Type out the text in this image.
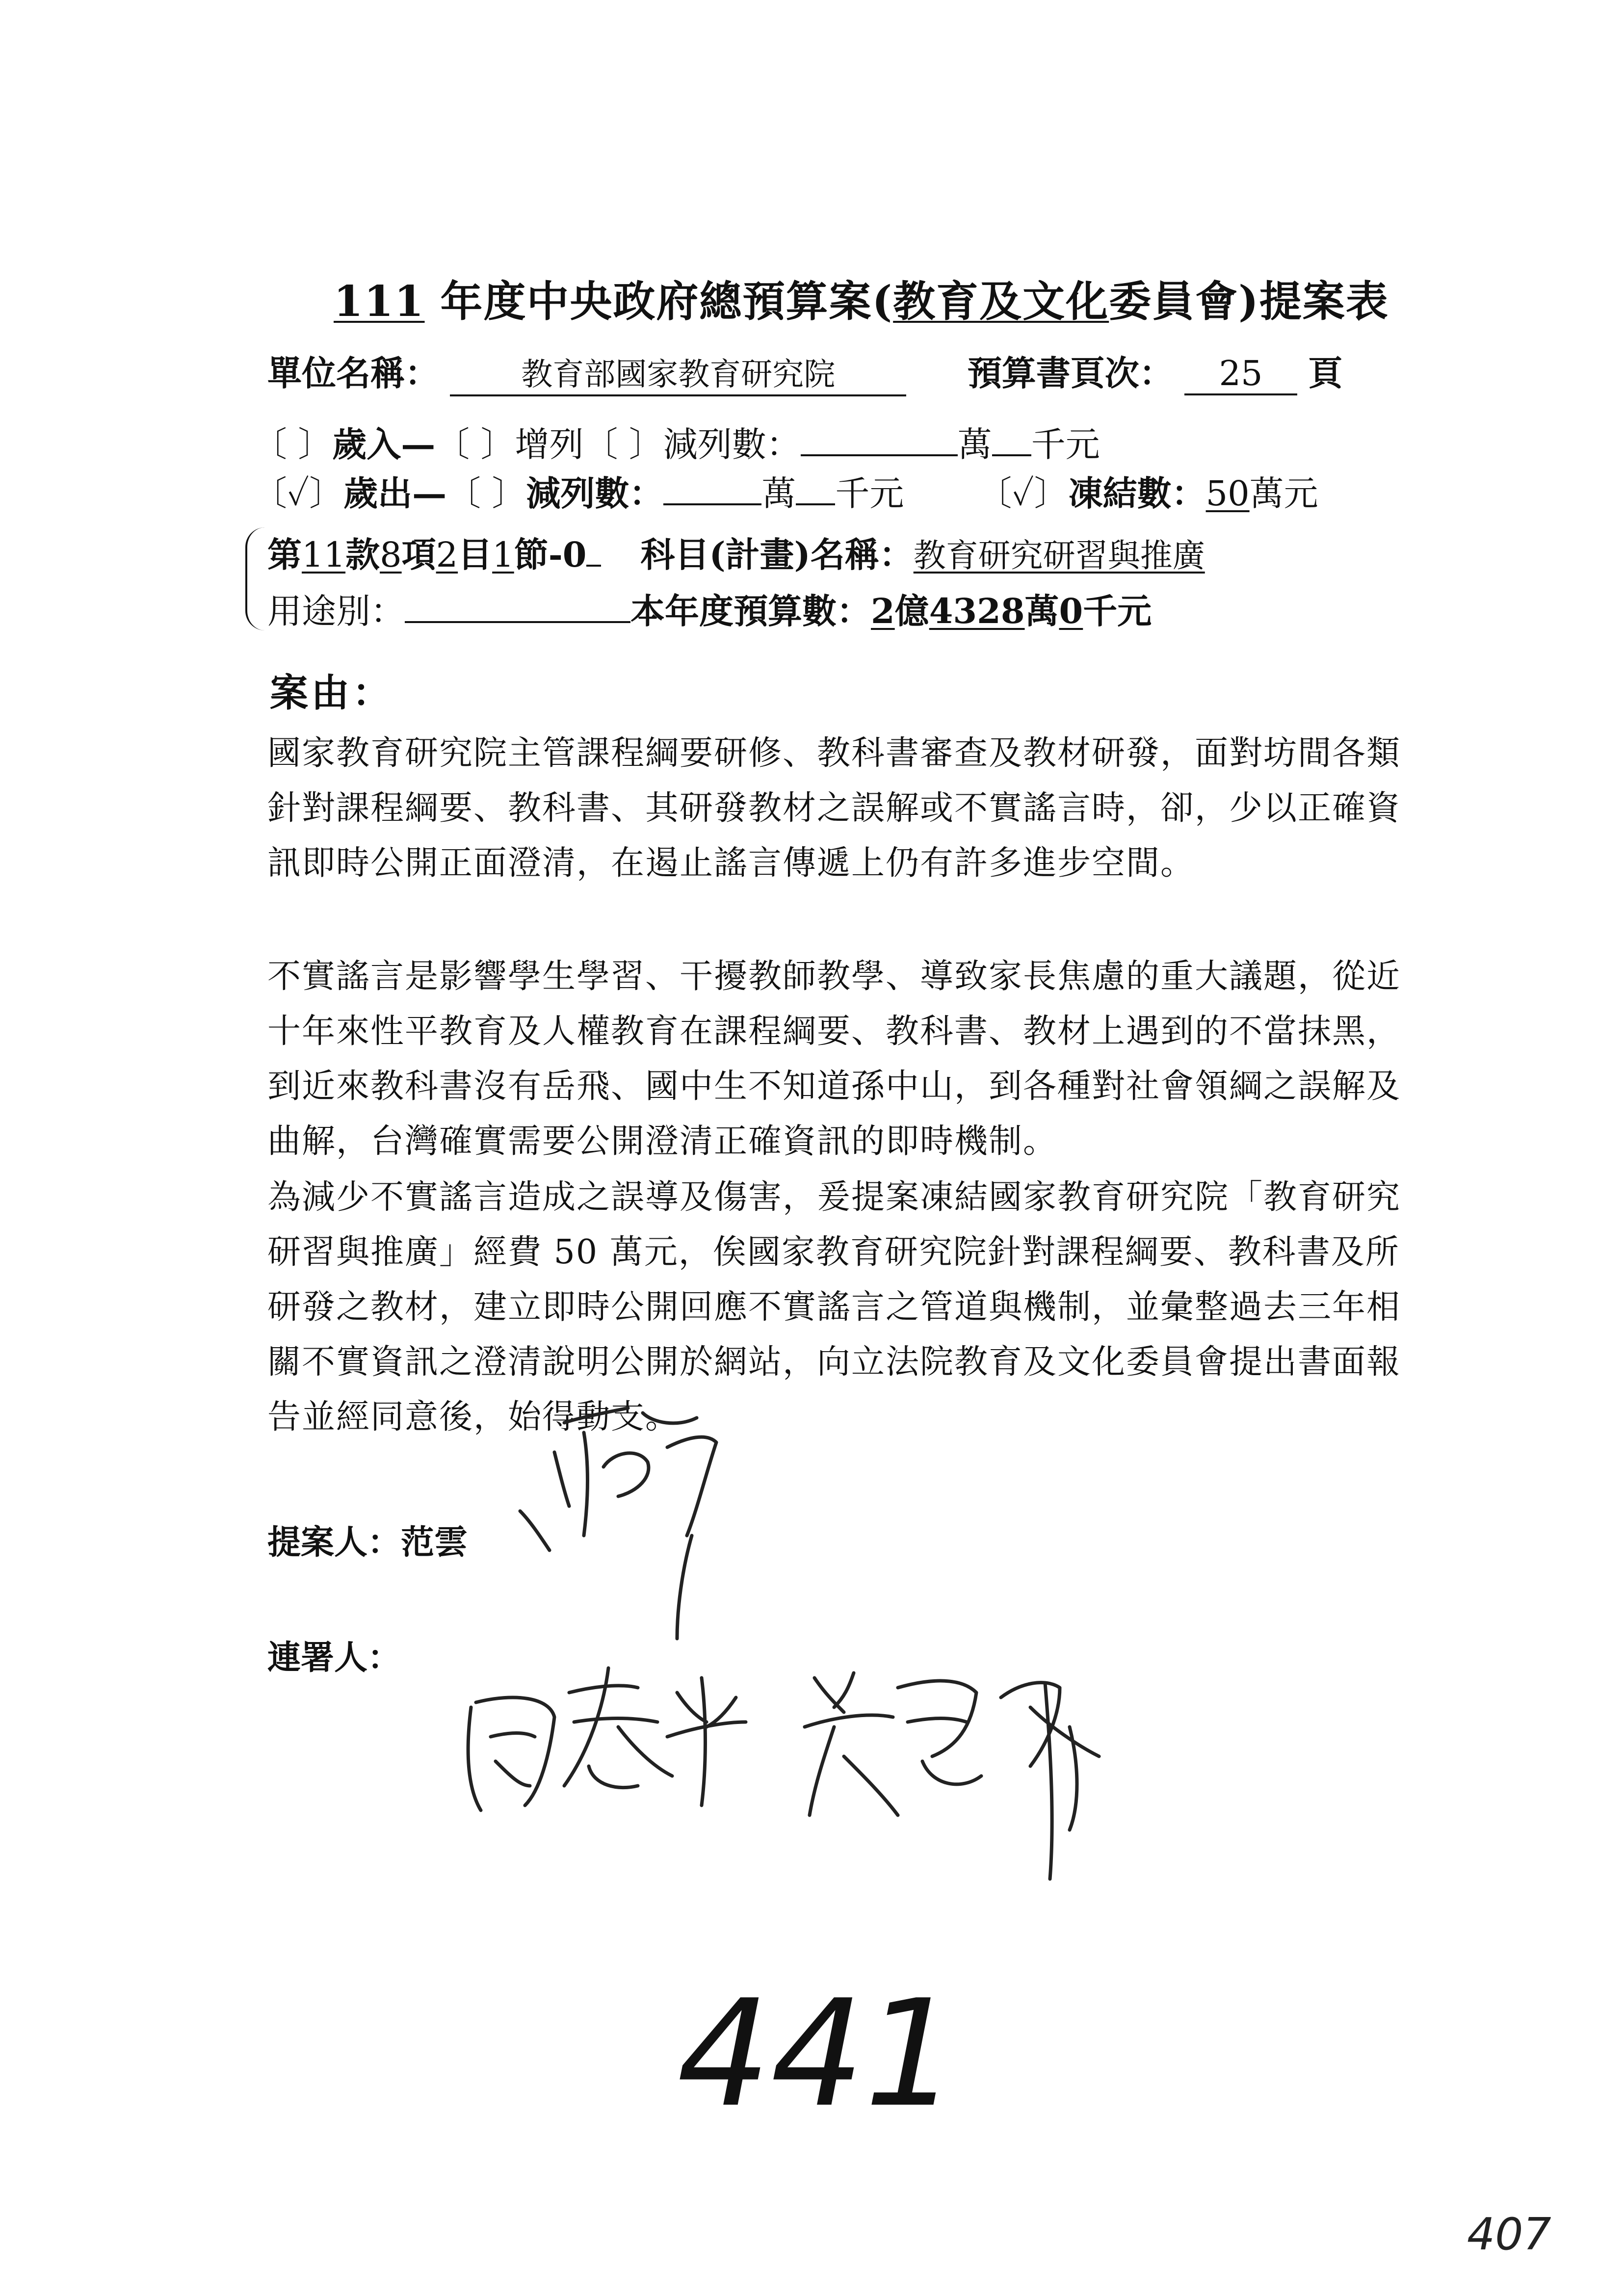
111 年度中央政府總預算案(教育及文化委員會)提案表
單位名稱：	教育部國家教育研究院	預算書頁次： 25 頁
〔 〕歲入—〔 〕增列〔 〕減列數：	萬 千元
〔✓〕歲出—〔 〕減列數：	萬 千元 〔✓〕凍結數：50萬元
第11款8項2目1節-0 科目(計畫)名稱：教育研究研習與推廣
用途別：	本年度預算數：2億4328萬0千元
案由：
國家教育研究院主管課程綱要研修、教科書審查及教材研發，面對坊間各類針對課程綱要、教科書、其研發教材之誤解或不實謠言時，卻，少以正確資訊即時公開正面澄清，在遏止謠言傳遞上仍有許多進步空間。
不實謠言是影響學生學習、干擾教師教學、導致家長焦慮的重大議題，從近十年來性平教育及人權教育在課程綱要、教科書、教材上遇到的不當抹黑，到近來教科書沒有岳飛、國中生不知道孫中山，到各種對社會領綱之誤解及曲解，台灣確實需要公開澄清正確資訊的即時機制。
為減少不實謠言造成之誤導及傷害，爰提案凍結國家教育研究院「教育研究研習與推廣」經費 50 萬元，俟國家教育研究院針對課程綱要、教科書及所研發之教材，建立即時公開回應不實謠言之管道與機制，並彙整過去三年相關不實資訊之澄清說明公開於網站，向立法院教育及文化委員會提出書面報告並經同意後，始得動支。
提案人：范雲
連署人：
441
407
